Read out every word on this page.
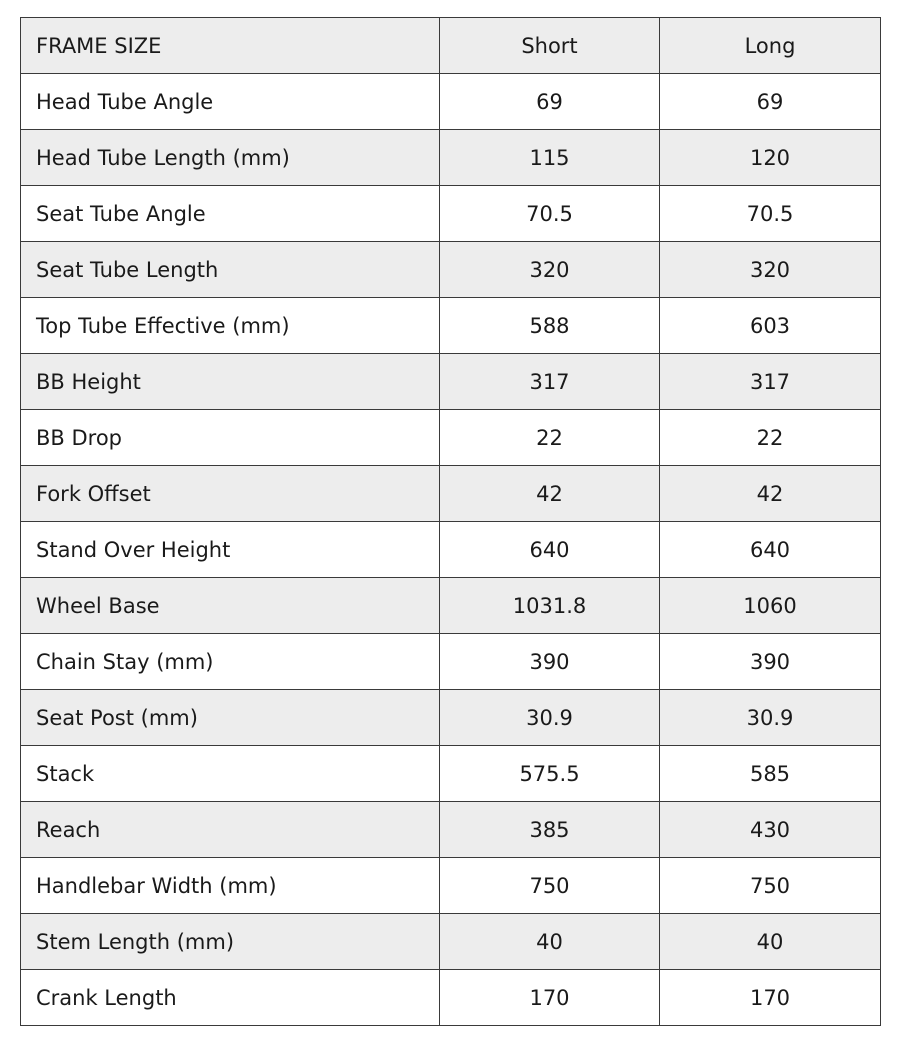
FRAME SIZE	Short	Long
Head Tube Angle	69	69
Head Tube Length (mm)	115	120
Seat Tube Angle	70.5	70.5
Seat Tube Length	320	320
Top Tube Effective (mm)	588	603
BB Height	317	317
BB Drop	22	22
Fork Offset	42	42
Stand Over Height	640	640
Wheel Base	1031.8	1060
Chain Stay (mm)	390	390
Seat Post (mm)	30.9	30.9
Stack	575.5	585
Reach	385	430
Handlebar Width (mm)	750	750
Stem Length (mm)	40	40
Crank Length	170	170
